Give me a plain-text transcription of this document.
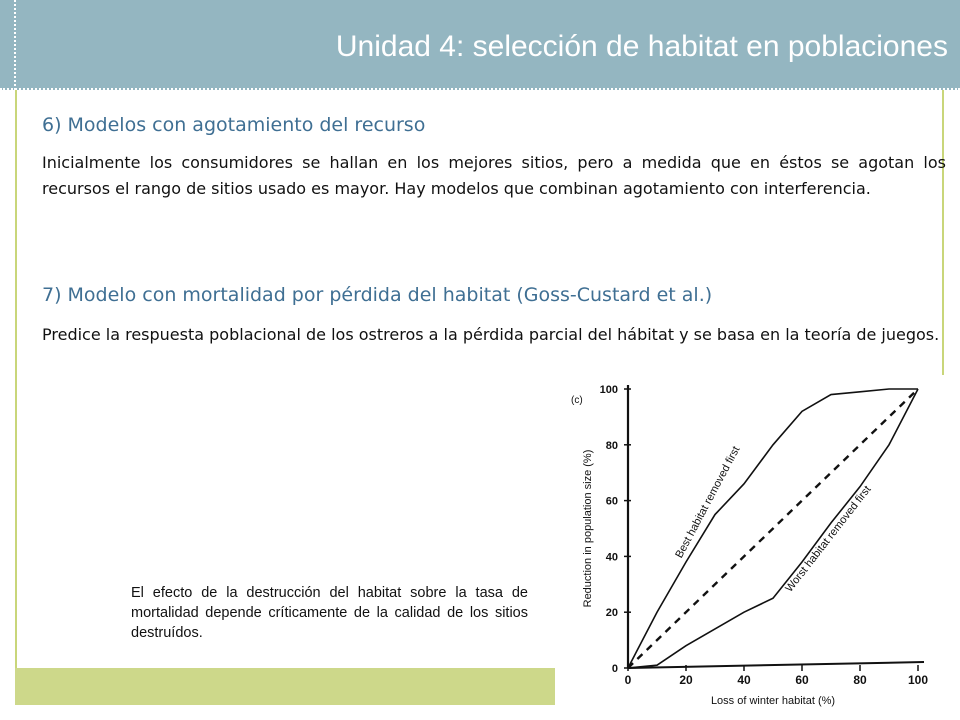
Unidad 4: selección de habitat en poblaciones
6) Modelos con agotamiento del recurso
Inicialmente los consumidores se hallan en los mejores sitios, pero a medida que en éstos se agotan los recursos el rango de sitios usado es mayor. Hay modelos que combinan agotamiento con interferencia.
7) Modelo con mortalidad por pérdida del habitat (Goss-Custard et al.)
Predice la respuesta poblacional de los ostreros a la pérdida parcial del hábitat y se basa en la teoría de juegos.
El efecto de la destrucción del habitat sobre la tasa de mortalidad depende críticamente de la calidad de los sitios destruídos.
0
20
40
60
80
100
0	20	40	60	80	100
(c)
Loss of winter habitat (%)
Reduction in population size (%)	Best habitat removed first	Worst habitat removed first
